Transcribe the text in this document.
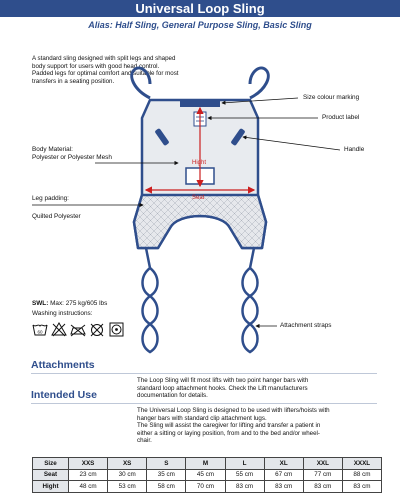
Universal Loop Sling
Alias: Half Sling, General Purpose Sling, Basic Sling
A standard sling designed with split legs and shaped
body support for users with good head control.
Padded legs for optimal comfort and suitable for most
transfers in a seating position.
Size colour marking
Product label
Handle
Body Material:
Polyester or Polyester Mesh
Leg padding:
Quilted Polyester
Attachment straps
Hight
Seat
SWL: Max: 275 kg/605 lbs
Washing instructions:
60
Attachments
The Loop Sling will fit most lifts with two point hanger bars with
standard loop attachment hooks. Check the Lift manufacturers
documentation for details.
Intended Use
The Universal Loop Sling is designed to be used with lifters/hoists with
hanger bars with standard clip attachment lugs.
The Sling will assist the caregiver for lifting and transfer a patient in
either a sitting or laying position, from and to the bed and/or wheel-
chair.
Size	XXS	XS	S	M	L	XL	XXL	XXXL
Seat	23 cm	30 cm	35 cm	45 cm	55 cm	67 cm	77 cm	88 cm
Hight	48 cm	53 cm	58 cm	70 cm	83 cm	83 cm	83 cm	83 cm
